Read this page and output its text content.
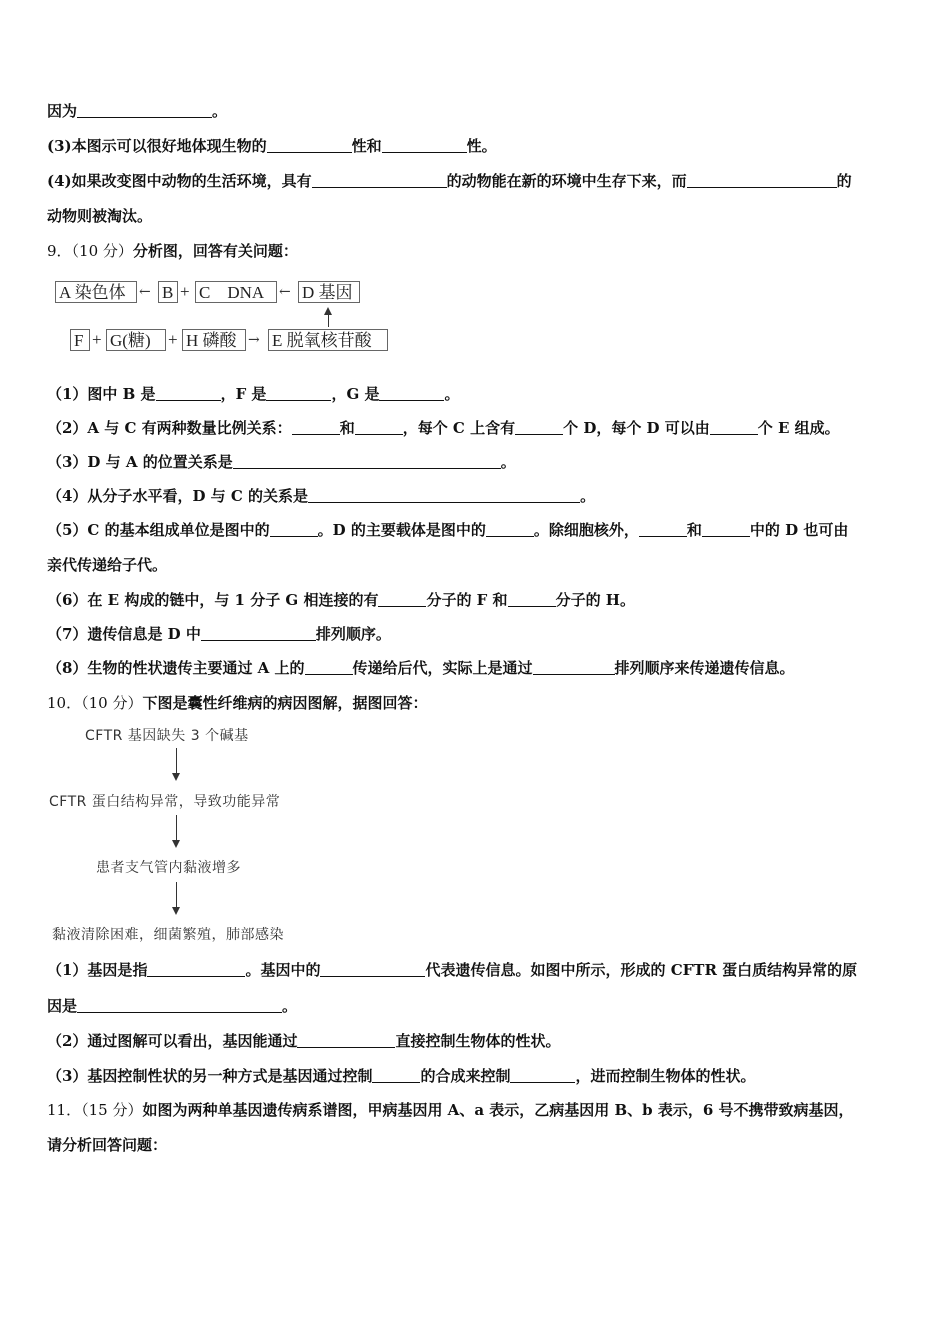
因为	。
(3)本图示可以很好地体现生物的	性和	性。
(4)如果改变图中动物的生活环境，具有	的动物能在新的环境中生存下来，而	的
动物则被淘汰。
9．（10 分）分析图，回答有关问题：
A 染色体 ← B + C　DNA	← D 基因
F + G(糖)	+ H 磷酸 → E 脱氧核苷酸
（1）图中 B 是	，F 是	，G 是	。
（2）A 与 C 有两种数量比例关系：	和	，每个 C 上含有	个 D，每个 D 可以由	个 E 组成。
（3）D 与 A 的位置关系是	。
（4）从分子水平看，D 与 C 的关系是	。
（5）C 的基本组成单位是图中的	。D 的主要载体是图中的	。除细胞核外，	和	中的 D 也可由
亲代传递给子代。
（6）在 E 构成的链中，与 1 分子 G 相连接的有	分子的 F 和	分子的 H。
（7）遗传信息是 D 中	排列顺序。
（8）生物的性状遗传主要通过 A 上的	传递给后代，实际上是通过	排列顺序来传递遗传信息。
10．（10 分）下图是囊性纤维病的病因图解，据图回答：
CFTR 基因缺失 3 个碱基
CFTR 蛋白结构异常，导致功能异常
患者支气管内黏液增多
黏液清除困难，细菌繁殖，肺部感染
（1）基因是指	。基因中的	代表遗传信息。如图中所示，形成的 CFTR 蛋白质结构异常的原
因是	。
（2）通过图解可以看出，基因能通过	直接控制生物体的性状。
（3）基因控制性状的另一种方式是基因通过控制	的合成来控制	，进而控制生物体的性状。
11．（15 分）如图为两种单基因遗传病系谱图，甲病基因用 A、a 表示，乙病基因用 B、b 表示，6 号不携带致病基因，
请分析回答问题：
